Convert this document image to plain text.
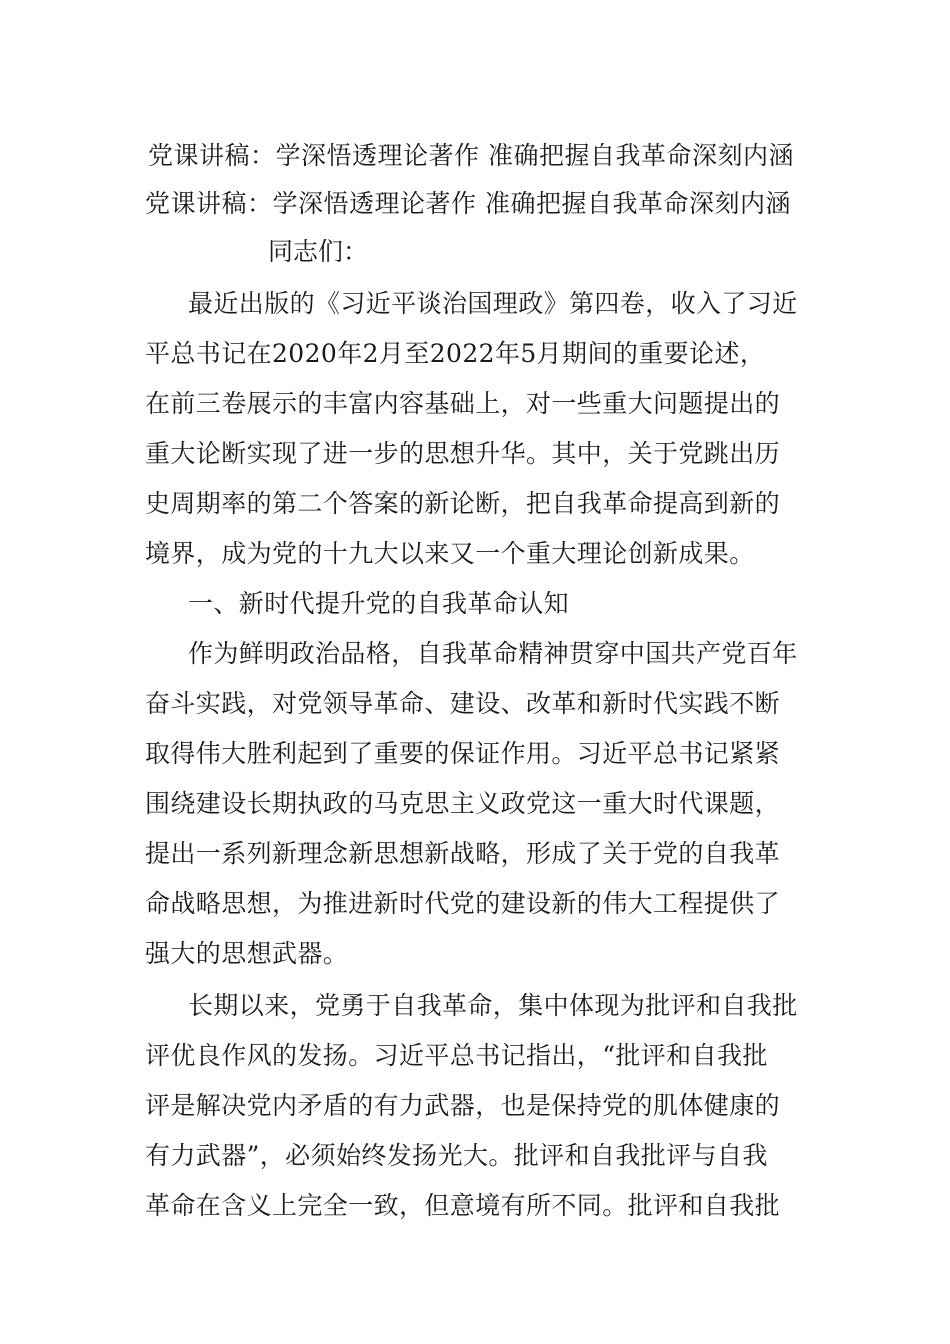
党课讲稿：学深悟透理论著作 准确把握自我革命深刻内涵
党课讲稿：学深悟透理论著作 准确把握自我革命深刻内涵
同志们：
最近出版的《习近平谈治国理政》第四卷，收入了习近
平总书记在2020年2月至2022年5月期间的重要论述，
在前三卷展示的丰富内容基础上，对一些重大问题提出的
重大论断实现了进一步的思想升华。其中，关于党跳出历
史周期率的第二个答案的新论断，把自我革命提高到新的
境界，成为党的十九大以来又一个重大理论创新成果。
一、新时代提升党的自我革命认知
作为鲜明政治品格，自我革命精神贯穿中国共产党百年
奋斗实践，对党领导革命、建设、改革和新时代实践不断
取得伟大胜利起到了重要的保证作用。习近平总书记紧紧
围绕建设长期执政的马克思主义政党这一重大时代课题，
提出一系列新理念新思想新战略，形成了关于党的自我革
命战略思想，为推进新时代党的建设新的伟大工程提供了
强大的思想武器。
长期以来，党勇于自我革命，集中体现为批评和自我批
评优良作风的发扬。习近平总书记指出，“批评和自我批
评是解决党内矛盾的有力武器，也是保持党的肌体健康的
有力武器”，必须始终发扬光大。批评和自我批评与自我
革命在含义上完全一致，但意境有所不同。批评和自我批
